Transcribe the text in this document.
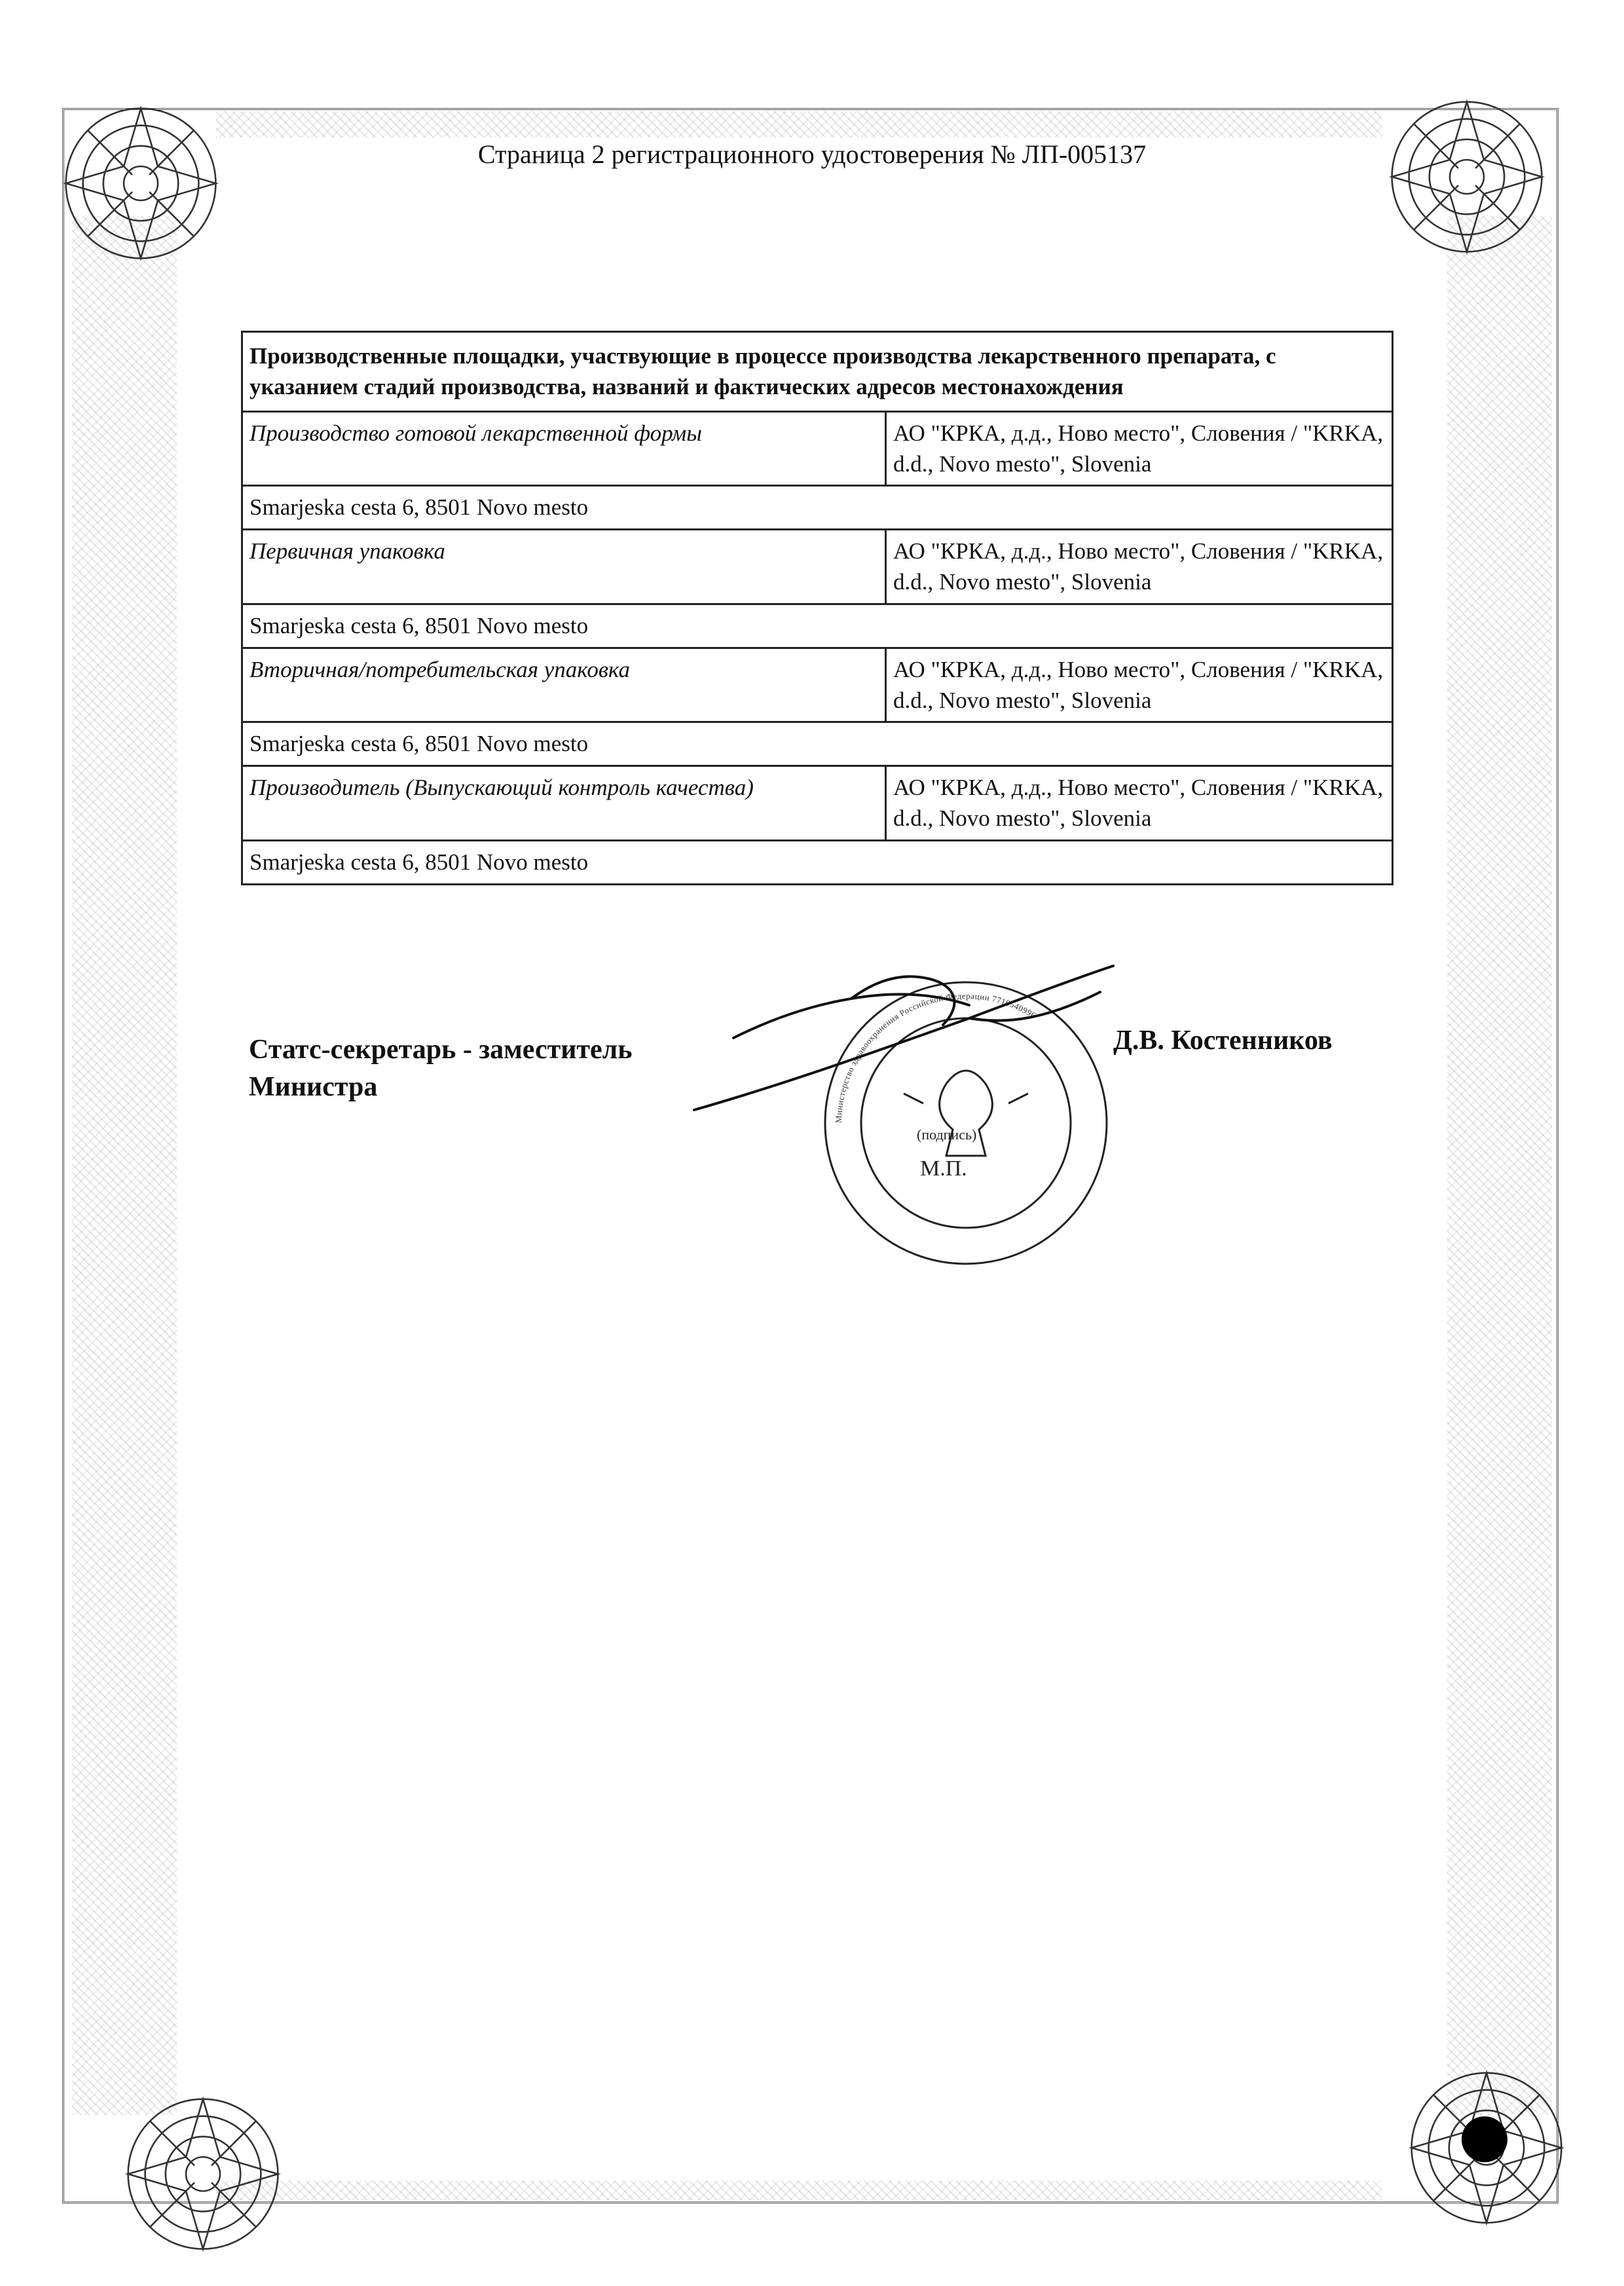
Страница 2 регистрационного удостоверения № ЛП-005137
Производственные площадки, участвующие в процессе производства лекарственного препарата, с указанием стадий производства, названий и фактических адресов местонахождения	
Производство готовой лекарственной формы	АО "КРКА, д.д., Ново место", Словения / "KRKA, d.d., Novo mesto", Slovenia
Smarjeska cesta 6, 8501 Novo mesto	
Первичная упаковка	АО "КРКА, д.д., Ново место", Словения / "KRKA, d.d., Novo mesto", Slovenia
Smarjeska cesta 6, 8501 Novo mesto	
Вторичная/потребительская упаковка	АО "КРКА, д.д., Ново место", Словения / "KRKA, d.d., Novo mesto", Slovenia
Smarjeska cesta 6, 8501 Novo mesto	
Производитель (Выпускающий контроль качества)	АО "КРКА, д.д., Ново место", Словения / "KRKA, d.d., Novo mesto", Slovenia
Smarjeska cesta 6, 8501 Novo mesto	
Статс-секретарь - заместитель
Министра
Д.В. Костенников
(подпись)
М.П.
Министерство здравоохранения Российской Федерации 7710540996
